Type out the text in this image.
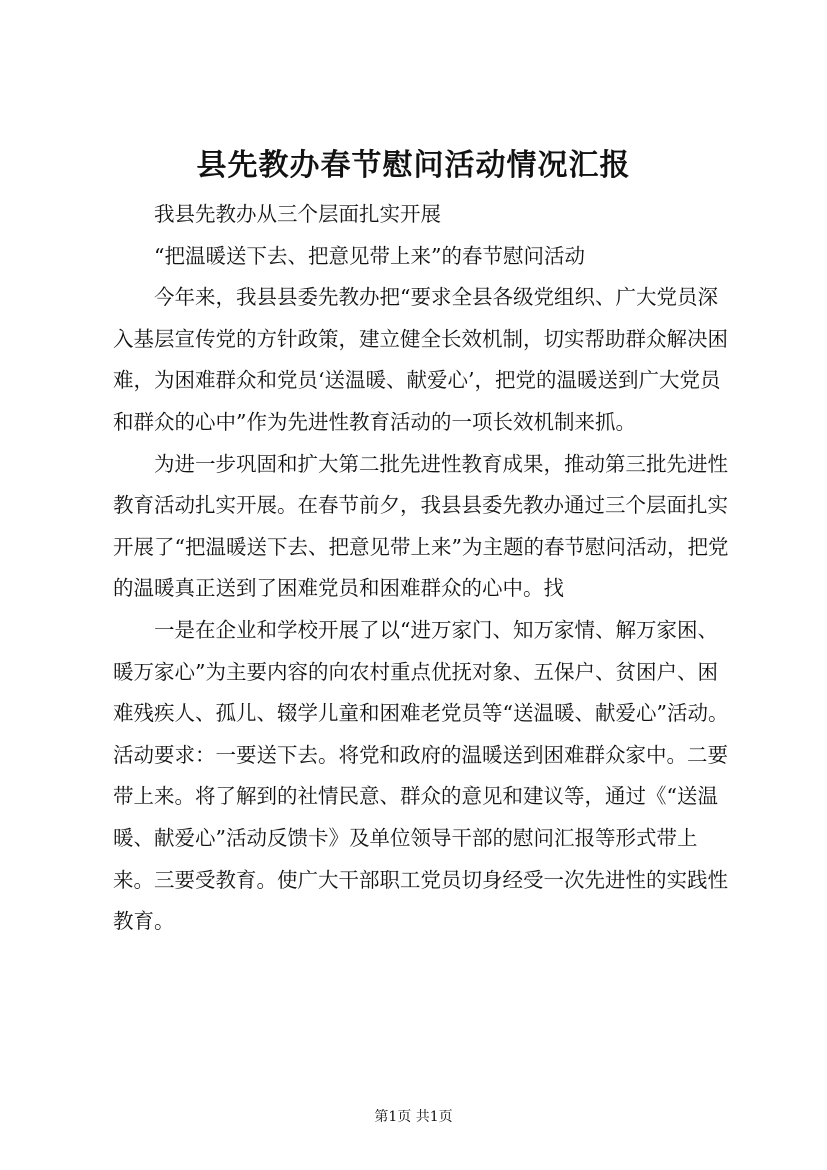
县先教办春节慰问活动情况汇报

我县先教办从三个层面扎实开展

“把温暖送下去、把意见带上来”的春节慰问活动

今年来，我县县委先教办把“要求全县各级党组织、广大党员深入基层宣传党的方针政策，建立健全长效机制，切实帮助群众解决困难，为困难群众和党员‘送温暖、献爱心’，把党的温暖送到广大党员和群众的心中”作为先进性教育活动的一项长效机制来抓。

为进一步巩固和扩大第二批先进性教育成果，推动第三批先进性教育活动扎实开展。在春节前夕，我县县委先教办通过三个层面扎实开展了“把温暖送下去、把意见带上来”为主题的春节慰问活动，把党的温暖真正送到了困难党员和困难群众的心中。找

一是在企业和学校开展了以“进万家门、知万家情、解万家困、暖万家心”为主要内容的向农村重点优抚对象、五保户、贫困户、困难残疾人、孤儿、辍学儿童和困难老党员等“送温暖、献爱心”活动。活动要求：一要送下去。将党和政府的温暖送到困难群众家中。二要带上来。将了解到的社情民意、群众的意见和建议等，通过《“送温暖、献爱心”活动反馈卡》及单位领导干部的慰问汇报等形式带上来。三要受教育。使广大干部职工党员切身经受一次先进性的实践性教育。

第1页 共1页
